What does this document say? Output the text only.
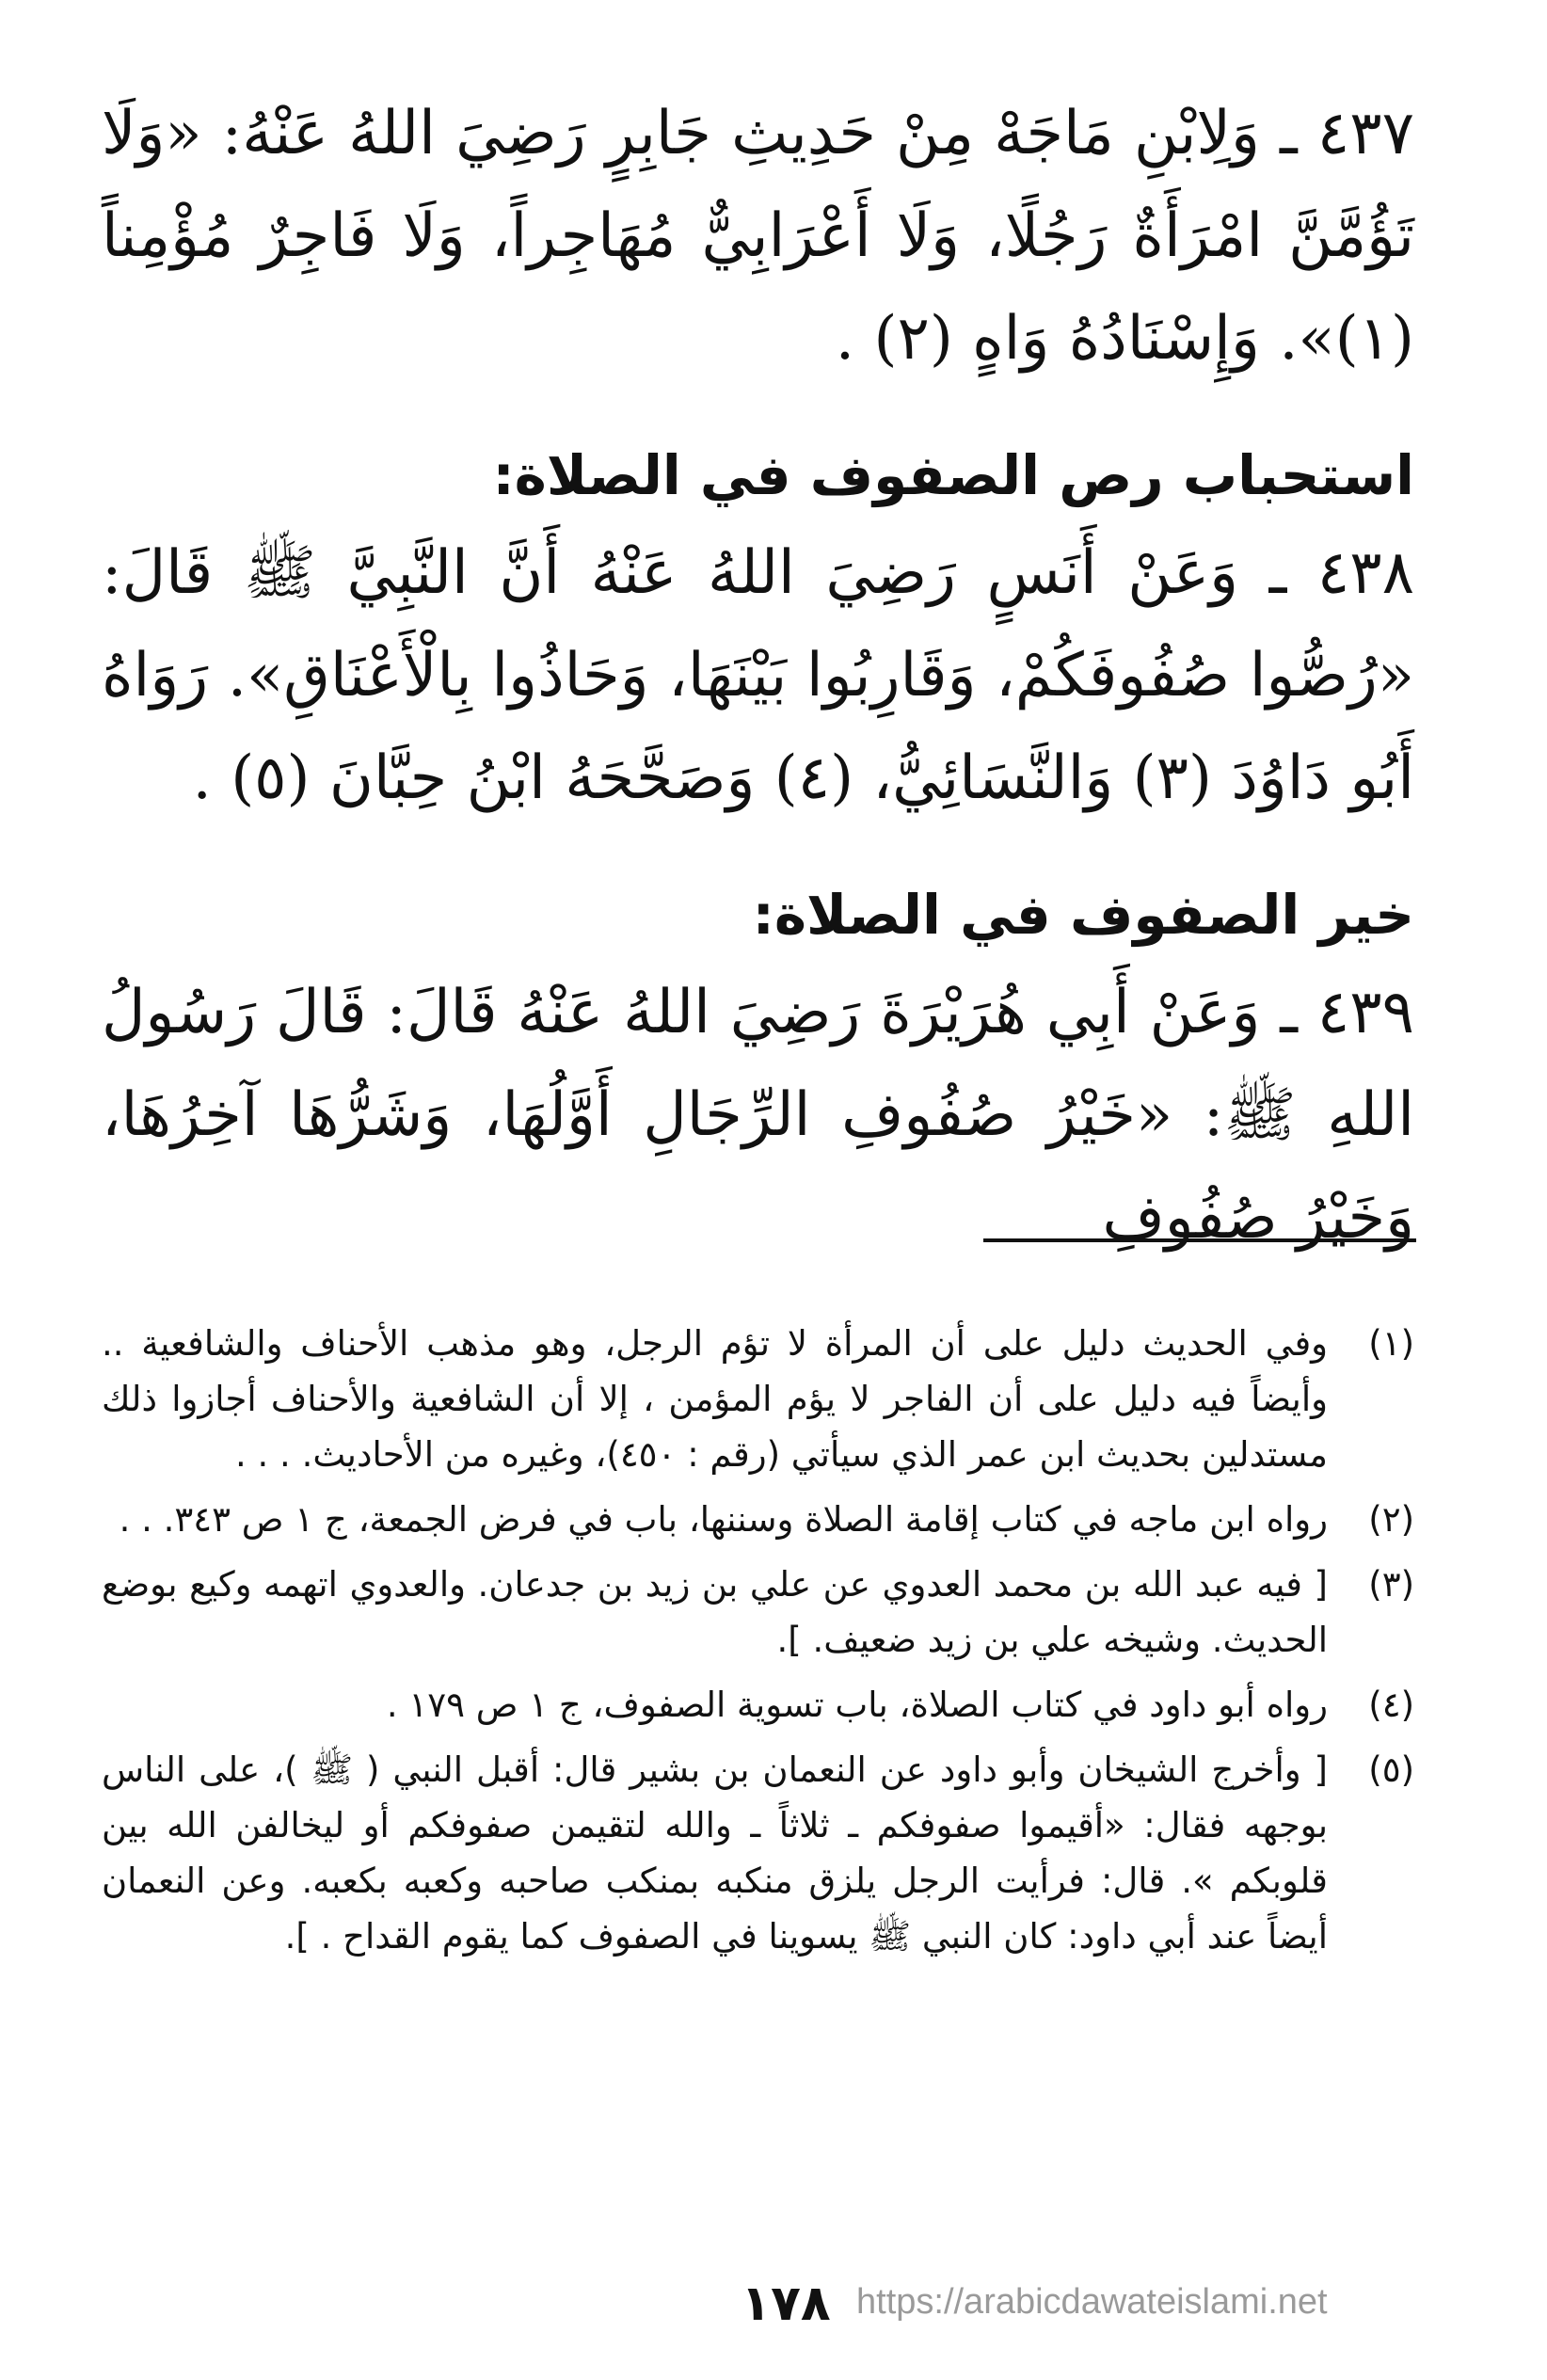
٤٣٧ ـ وَلِابْنِ مَاجَهْ مِنْ حَدِيثِ جَابِرٍ رَضِيَ اللهُ عَنْهُ: «وَلَا تَؤُمَّنَّ امْرَأَةٌ رَجُلًا، وَلَا أَعْرَابِيٌّ مُهَاجِراً، وَلَا فَاجِرٌ مُؤْمِناً (١)». وَإِسْنَادُهُ وَاهٍ (٢) .

استحباب رص الصفوف في الصلاة:

٤٣٨ ـ وَعَنْ أَنَسٍ رَضِيَ اللهُ عَنْهُ أَنَّ النَّبِيَّ ﷺ قَالَ: «رُصُّوا صُفُوفَكُمْ، وَقَارِبُوا بَيْنَهَا، وَحَاذُوا بِالْأَعْنَاقِ». رَوَاهُ أَبُو دَاوُدَ (٣) وَالنَّسَائِيُّ، (٤) وَصَحَّحَهُ ابْنُ حِبَّانَ (٥) .

خير الصفوف في الصلاة:

٤٣٩ ـ وَعَنْ أَبِي هُرَيْرَةَ رَضِيَ اللهُ عَنْهُ قَالَ: قَالَ رَسُولُ اللهِ ﷺ: «خَيْرُ صُفُوفِ الرِّجَالِ أَوَّلُهَا، وَشَرُّهَا آخِرُهَا، وَخَيْرُ صُفُوفِ

(١)
وفي الحديث دليل على أن المرأة لا تؤم الرجل، وهو مذهب الأحناف والشافعية .. وأيضاً فيه دليل على أن الفاجر لا يؤم المؤمن ، إلا أن الشافعية والأحناف أجازوا ذلك مستدلين بحديث ابن عمر الذي سيأتي (رقم : ٤٥٠)، وغيره من الأحاديث. . . .
(٢)
رواه ابن ماجه في كتاب إقامة الصلاة وسننها، باب في فرض الجمعة، ج ١ ص ٣٤٣. . .
(٣)
[ فيه عبد الله بن محمد العدوي عن علي بن زيد بن جدعان. والعدوي اتهمه وكيع بوضع الحديث. وشيخه علي بن زيد ضعيف. ].
(٤)
رواه أبو داود في كتاب الصلاة، باب تسوية الصفوف، ج ١ ص ١٧٩ .
(٥)
[ وأخرج الشيخان وأبو داود عن النعمان بن بشير قال: أقبل النبي ( ﷺ )، على الناس بوجهه فقال: «أقيموا صفوفكم ـ ثلاثاً ـ والله لتقيمن صفوفكم أو ليخالفن الله بين قلوبكم ». قال: فرأيت الرجل يلزق منكبه بمنكب صاحبه وكعبه بكعبه. وعن النعمان أيضاً عند أبي داود: كان النبي ﷺ يسوينا في الصفوف كما يقوم القداح . ].
١٧٨ https://arabicdawateislami.net
